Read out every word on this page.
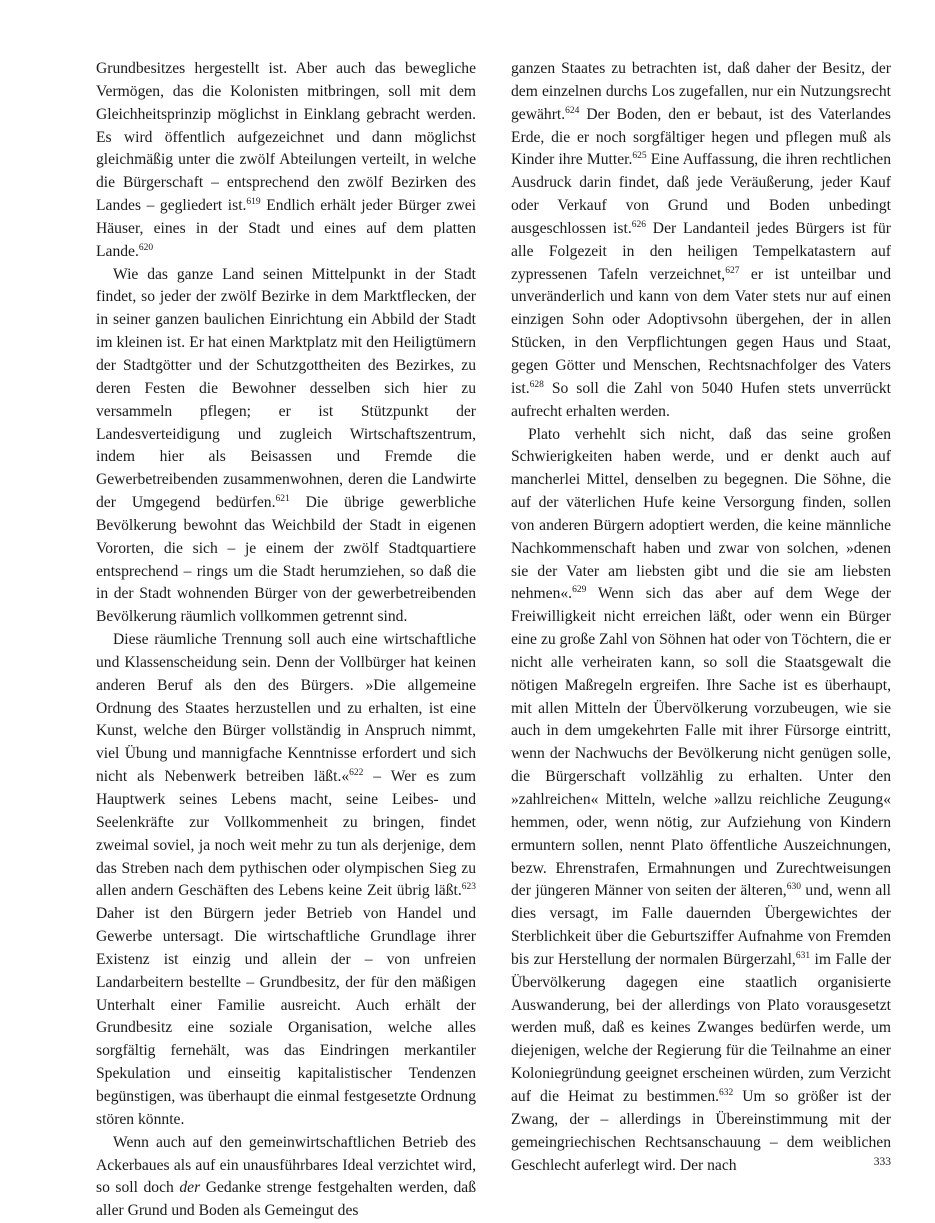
Grundbesitzes hergestellt ist. Aber auch das bewegliche Vermögen, das die Kolonisten mitbringen, soll mit dem Gleichheitsprinzip möglichst in Einklang gebracht werden. Es wird öffentlich aufgezeichnet und dann möglichst gleichmäßig unter die zwölf Abteilungen verteilt, in welche die Bürgerschaft – entsprechend den zwölf Bezirken des Landes – gegliedert ist.$^{619}$ Endlich erhält jeder Bürger zwei Häuser, eines in der Stadt und eines auf dem platten Lande.$^{620}$

Wie das ganze Land seinen Mittelpunkt in der Stadt findet, so jeder der zwölf Bezirke in dem Marktflecken, der in seiner ganzen baulichen Einrichtung ein Abbild der Stadt im kleinen ist. Er hat einen Marktplatz mit den Heiligtümern der Stadtgötter und der Schutzgottheiten des Bezirkes, zu deren Festen die Bewohner desselben sich hier zu versammeln pflegen; er ist Stützpunkt der Landesverteidigung und zugleich Wirtschaftszentrum, indem hier als Beisassen und Fremde die Gewerbetreibenden zusammenwohnen, deren die Landwirte der Umgegend bedürfen.$^{621}$ Die übrige gewerbliche Bevölkerung bewohnt das Weichbild der Stadt in eigenen Vororten, die sich – je einem der zwölf Stadtquartiere entsprechend – rings um die Stadt herumziehen, so daß die in der Stadt wohnenden Bürger von der gewerbetreibenden Bevölkerung räumlich vollkommen getrennt sind.

Diese räumliche Trennung soll auch eine wirtschaftliche und Klassenscheidung sein. Denn der Vollbürger hat keinen anderen Beruf als den des Bürgers. »Die allgemeine Ordnung des Staates herzustellen und zu erhalten, ist eine Kunst, welche den Bürger vollständig in Anspruch nimmt, viel Übung und mannigfache Kenntnisse erfordert und sich nicht als Nebenwerk betreiben läßt.«$^{622}$ – Wer es zum Hauptwerk seines Lebens macht, seine Leibes- und Seelenkräfte zur Vollkommenheit zu bringen, findet zweimal soviel, ja noch weit mehr zu tun als derjenige, dem das Streben nach dem pythischen oder olympischen Sieg zu allen andern Geschäften des Lebens keine Zeit übrig läßt.$^{623}$ Daher ist den Bürgern jeder Betrieb von Handel und Gewerbe untersagt. Die wirtschaftliche Grundlage ihrer Existenz ist einzig und allein der – von unfreien Landarbeitern bestellte – Grundbesitz, der für den mäßigen Unterhalt einer Familie ausreicht. Auch erhält der Grundbesitz eine soziale Organisation, welche alles sorgfältig fernehält, was das Eindringen merkantiler Spekulation und einseitig kapitalistischer Tendenzen begünstigen, was überhaupt die einmal festgesetzte Ordnung stören könnte.

Wenn auch auf den gemeinwirtschaftlichen Betrieb des Ackerbaues als auf ein unausführbares Ideal verzichtet wird, so soll doch der Gedanke strenge festgehalten werden, daß aller Grund und Boden als Gemeingut des

ganzen Staates zu betrachten ist, daß daher der Besitz, der dem einzelnen durchs Los zugefallen, nur ein Nutzungsrecht gewährt.$^{624}$ Der Boden, den er bebaut, ist des Vaterlandes Erde, die er noch sorgfältiger hegen und pflegen muß als Kinder ihre Mutter.$^{625}$ Eine Auffassung, die ihren rechtlichen Ausdruck darin findet, daß jede Veräußerung, jeder Kauf oder Verkauf von Grund und Boden unbedingt ausgeschlossen ist.$^{626}$ Der Landanteil jedes Bürgers ist für alle Folgezeit in den heiligen Tempelkatastern auf zypressenen Tafeln verzeichnet,$^{627}$ er ist unteilbar und unveränderlich und kann von dem Vater stets nur auf einen einzigen Sohn oder Adoptivsohn übergehen, der in allen Stücken, in den Verpflichtungen gegen Haus und Staat, gegen Götter und Menschen, Rechtsnachfolger des Vaters ist.$^{628}$ So soll die Zahl von 5040 Hufen stets unverrückt aufrecht erhalten werden.

Plato verhehlt sich nicht, daß das seine großen Schwierigkeiten haben werde, und er denkt auch auf mancherlei Mittel, denselben zu begegnen. Die Söhne, die auf der väterlichen Hufe keine Versorgung finden, sollen von anderen Bürgern adoptiert werden, die keine männliche Nachkommenschaft haben und zwar von solchen, »denen sie der Vater am liebsten gibt und die sie am liebsten nehmen«.$^{629}$ Wenn sich das aber auf dem Wege der Freiwilligkeit nicht erreichen läßt, oder wenn ein Bürger eine zu große Zahl von Söhnen hat oder von Töchtern, die er nicht alle verheiraten kann, so soll die Staatsgewalt die nötigen Maßregeln ergreifen. Ihre Sache ist es überhaupt, mit allen Mitteln der Übervölkerung vorzubeugen, wie sie auch in dem umgekehrten Falle mit ihrer Fürsorge eintritt, wenn der Nachwuchs der Bevölkerung nicht genügen solle, die Bürgerschaft vollzählig zu erhalten. Unter den »zahlreichen« Mitteln, welche »allzu reichliche Zeugung« hemmen, oder, wenn nötig, zur Aufziehung von Kindern ermuntern sollen, nennt Plato öffentliche Auszeichnungen, bezw. Ehrenstrafen, Ermahnungen und Zurechtweisungen der jüngeren Männer von seiten der älteren,$^{630}$ und, wenn all dies versagt, im Falle dauernden Übergewichtes der Sterblichkeit über die Geburtsziffer Aufnahme von Fremden bis zur Herstellung der normalen Bürgerzahl,$^{631}$ im Falle der Übervölkerung dagegen eine staatlich organisierte Auswanderung, bei der allerdings von Plato vorausgesetzt werden muß, daß es keines Zwanges bedürfen werde, um diejenigen, welche der Regierung für die Teilnahme an einer Koloniegründung geeignet erscheinen würden, zum Verzicht auf die Heimat zu bestimmen.$^{632}$ Um so größer ist der Zwang, der – allerdings in Übereinstimmung mit der gemeingriechischen Rechtsanschauung – dem weiblichen Geschlecht auferlegt wird. Der nach	333
